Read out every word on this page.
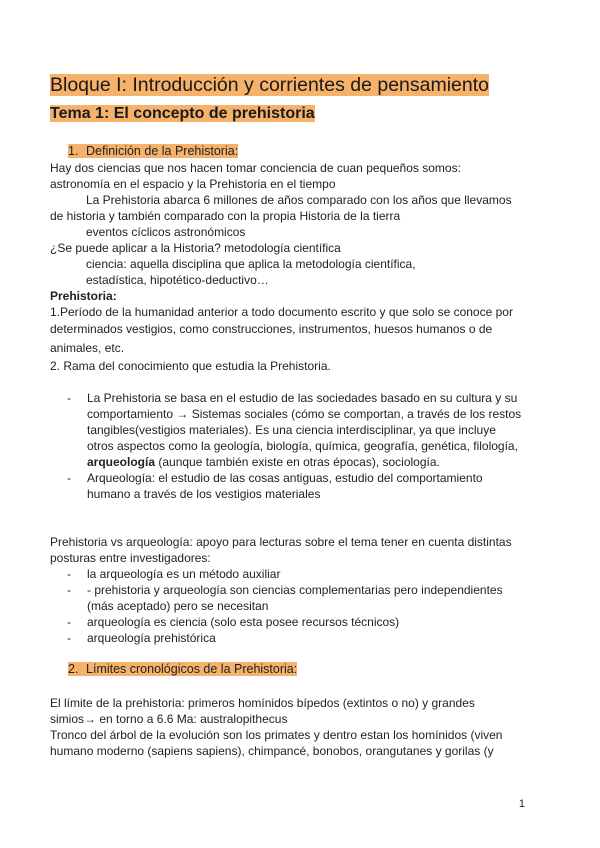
Bloque I: Introducción y corrientes de pensamiento
Tema 1: El concepto de prehistoria
1. Definición de la Prehistoria:
Hay dos ciencias que nos hacen tomar conciencia de cuan pequeños somos:
astronomía en el espacio y la Prehistoria en el tiempo
La Prehistoria abarca 6 millones de años comparado con los años que llevamos
de historia y también comparado con la propia Historia de la tierra
eventos cíclicos astronómicos
¿Se puede aplicar a la Historia? metodología científica
ciencia: aquella disciplina que aplica la metodología científica,
estadística, hipotético-deductivo…
Prehistoria:
1.Período de la humanidad anterior a todo documento escrito y que solo se conoce por
determinados vestigios, como construcciones, instrumentos, huesos humanos o de
animales, etc.
2. Rama del conocimiento que estudia la Prehistoria.
- La Prehistoria se basa en el estudio de las sociedades basado en su cultura y su
comportamiento → Sistemas sociales (cómo se comportan, a través de los restos
tangibles(vestigios materiales). Es una ciencia interdisciplinar, ya que incluye
otros aspectos como la geología, biología, química, geografía, genética, filología,
arqueología (aunque también existe en otras épocas), sociología.
- Arqueología: el estudio de las cosas antiguas, estudio del comportamiento
humano a través de los vestigios materiales
Prehistoria vs arqueología: apoyo para lecturas sobre el tema tener en cuenta distintas
posturas entre investigadores:
- la arqueología es un método auxiliar
- - prehistoria y arqueología son ciencias complementarias pero independientes
(más aceptado) pero se necesitan
- arqueología es ciencia (solo esta posee recursos técnicos)
- arqueología prehistórica
2. Límites cronológicos de la Prehistoria:
El límite de la prehistoria: primeros homínidos bípedos (extintos o no) y grandes
simios→ en torno a 6.6 Ma: australopithecus
Tronco del árbol de la evolución son los primates y dentro estan los homínidos (viven
humano moderno (sapiens sapiens), chimpancé, bonobos, orangutanes y gorilas (y
1
